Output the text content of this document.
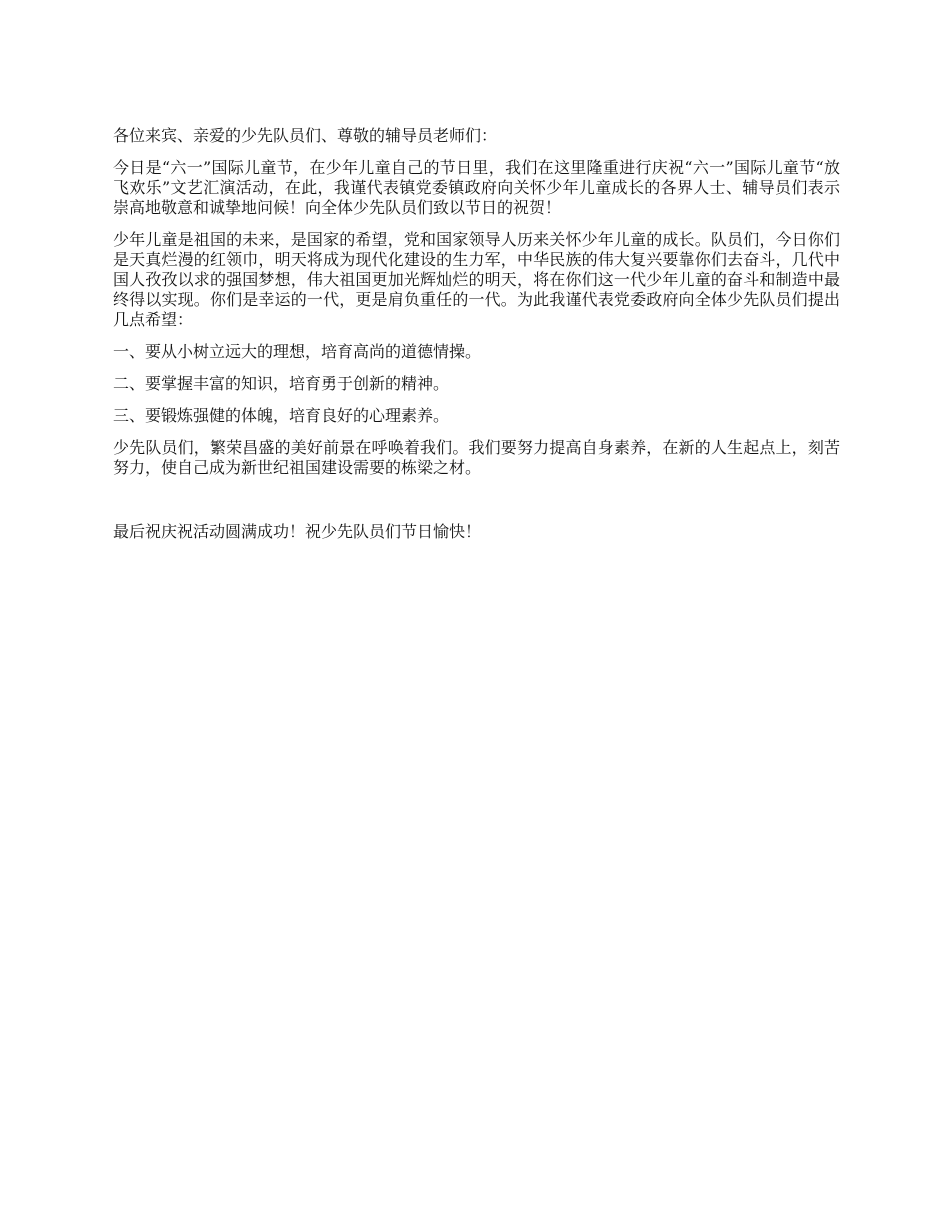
各位来宾、亲爱的少先队员们、尊敬的辅导员老师们：

今日是“六一”国际儿童节，在少年儿童自己的节日里，我们在这里隆重进行庆祝“六一”国际儿童节“放飞欢乐”文艺汇演活动，在此，我谨代表镇党委镇政府向关怀少年儿童成长的各界人士、辅导员们表示崇高地敬意和诚挚地问候！向全体少先队员们致以节日的祝贺！

少年儿童是祖国的未来，是国家的希望，党和国家领导人历来关怀少年儿童的成长。队员们，今日你们是天真烂漫的红领巾，明天将成为现代化建设的生力军，中华民族的伟大复兴要靠你们去奋斗，几代中国人孜孜以求的强国梦想，伟大祖国更加光辉灿烂的明天，将在你们这一代少年儿童的奋斗和制造中最终得以实现。你们是幸运的一代，更是肩负重任的一代。为此我谨代表党委政府向全体少先队员们提出几点希望：

一、要从小树立远大的理想，培育高尚的道德情操。

二、要掌握丰富的知识，培育勇于创新的精神。

三、要锻炼强健的体魄，培育良好的心理素养。

少先队员们，繁荣昌盛的美好前景在呼唤着我们。我们要努力提高自身素养，在新的人生起点上，刻苦努力，使自己成为新世纪祖国建设需要的栋梁之材。

最后祝庆祝活动圆满成功！祝少先队员们节日愉快！
